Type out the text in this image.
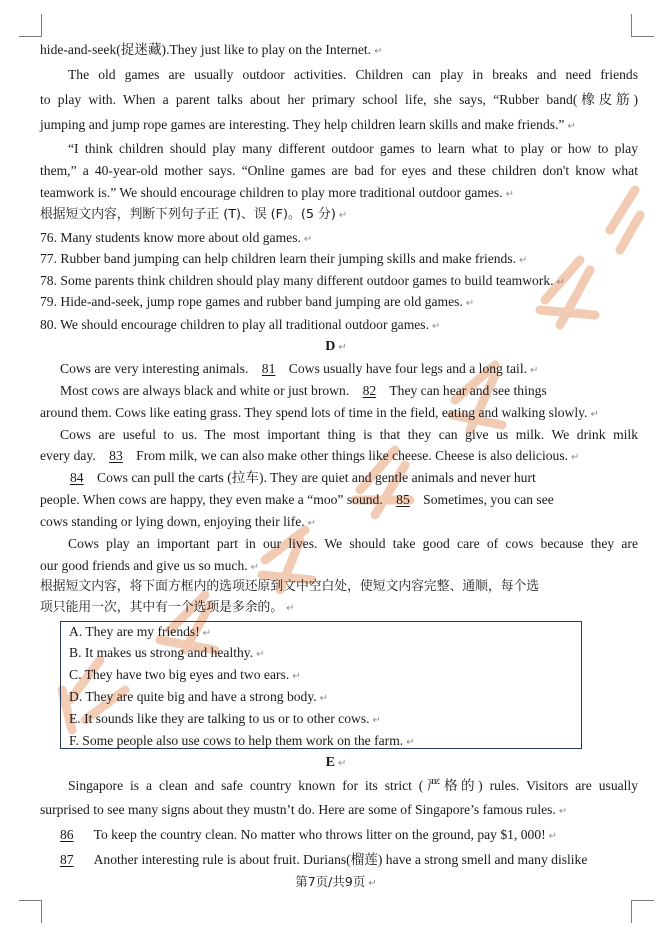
hide-and-seek(捉迷藏).They just like to play on the Internet. ↵
The old games are usually outdoor activities. Children can play in breaks and need friends
to play with. When a parent talks about her primary school life, she says, “Rubber band(橡皮筋)
jumping and jump rope games are interesting. They help children learn skills and make friends.” ↵
“I think children should play many different outdoor games to learn what to play or how to play
them,” a 40-year-old mother says. “Online games are bad for eyes and these children don't know what
teamwork is.” We should encourage children to play more traditional outdoor games. ↵
根据短文内容，判断下列句子正 (T)、误 (F)。(5 分) ↵
76. Many students know more about old games. ↵
77. Rubber band jumping can help children learn their jumping skills and make friends. ↵
78. Some parents think children should play many different outdoor games to build teamwork. ↵
79. Hide-and-seek, jump rope games and rubber band jumping are old games. ↵
80. We should encourage children to play all traditional outdoor games. ↵
D ↵
Cows are very interesting animals. 81 Cows usually have four legs and a long tail. ↵
Most cows are always black and white or just brown. 82 They can hear and see things
around them. Cows like eating grass. They spend lots of time in the field, eating and walking slowly. ↵
Cows are useful to us. The most important thing is that they can give us milk. We drink milk
every day. 83 From milk, we can also make other things like cheese. Cheese is also delicious. ↵
84 Cows can pull the carts (拉车). They are quiet and gentle animals and never hurt
people. When cows are happy, they even make a “moo” sound. 85 Sometimes, you can see
cows standing or lying down, enjoying their life. ↵
Cows play an important part in our lives. We should take good care of cows because they are
our good friends and give us so much. ↵
根据短文内容，将下面方框内的选项还原到文中空白处，使短文内容完整、通顺，每个选
项只能用一次，其中有一个选项是多余的。 ↵
A. They are my friends! ↵
B. It makes us strong and healthy. ↵
C. They have two big eyes and two ears. ↵
D. They are quite big and have a strong body. ↵
E. It sounds like they are talking to us or to other cows. ↵
F. Some people also use cows to help them work on the farm. ↵
E ↵
Singapore is a clean and safe country known for its strict (严格的) rules. Visitors are usually
surprised to see many signs about they mustn’t do. Here are some of Singapore’s famous rules. ↵
86 To keep the country clean. No matter who throws litter on the ground, pay $1, 000! ↵
87 Another interesting rule is about fruit. Durians(榴莲) have a strong smell and many dislike
第7页/共9页 ↵
